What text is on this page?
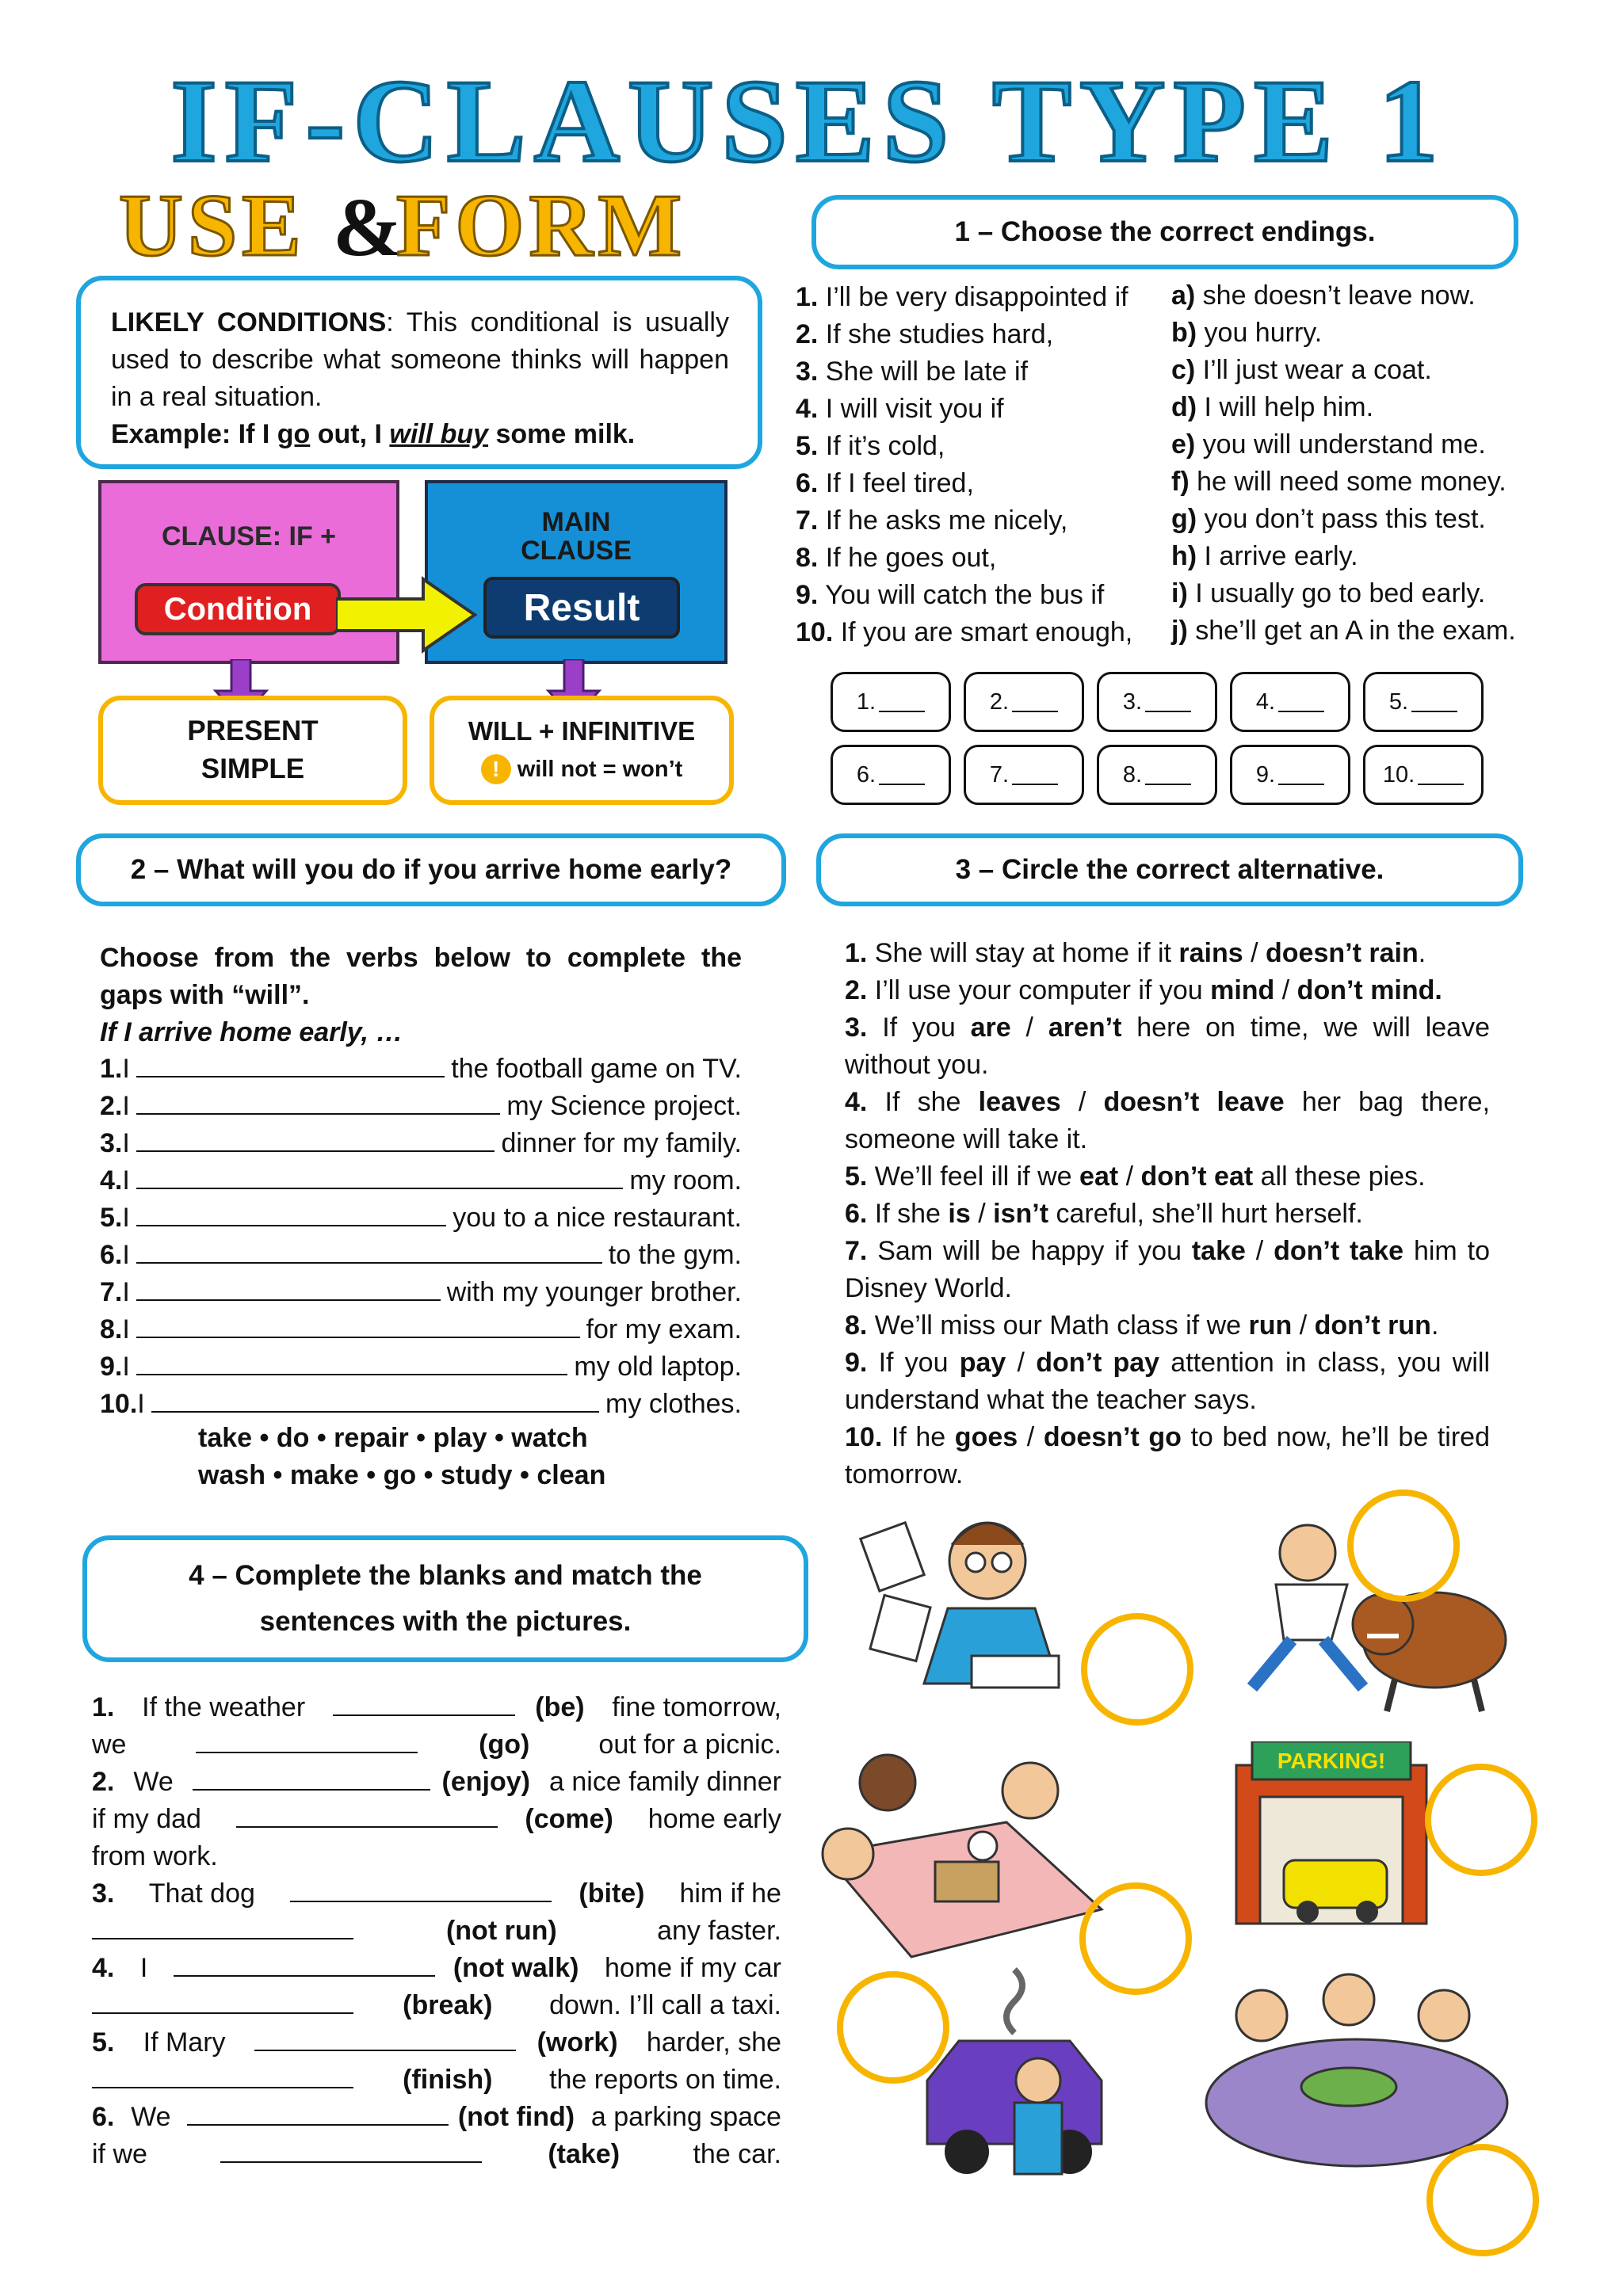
IF-CLAUSES TYPE 1
USE &
FORM
LIKELY CONDITIONS: This conditional is usually used to describe what someone thinks will happen in a real situation.
Example: If I go out, I will buy some milk.
CLAUSE: IF +
Condition
MAIN
CLAUSE
Result
PRESENT
SIMPLE
WILL + INFINITIVE
! will not = won’t
1 – Choose the correct endings.
1. I’ll be very disappointed if
2. If she studies hard,
3. She will be late if
4. I will visit you if
5. If it’s cold,
6. If I feel tired,
7. If he asks me nicely,
8. If he goes out,
9. You will catch the bus if
10. If you are smart enough,
a) she doesn’t leave now.
b) you hurry.
c) I’ll just wear a coat.
d) I will help him.
e) you will understand me.
f) he will need some money.
g) you don’t pass this test.
h) I arrive early.
i) I usually go to bed early.
j) she’ll get an A in the exam.
1.	2.	3.	4.	5.
6.	7.	8.	9.	10.
2 – What will you do if you arrive home early?
Choose from the verbs below to complete the gaps with “will”.
If I arrive home early, …
1. I	the football game on TV.
2. I	my Science project.
3. I	dinner for my family.
4. I	my room.
5. I	you to a nice restaurant.
6. I	to the gym.
7. I	with my younger brother.
8. I	for my exam.
9. I	my old laptop.
10. I	my clothes.
take • do • repair • play • watch
wash • make • go • study • clean
3 – Circle the correct alternative.
1. She will stay at home if it rains / doesn’t rain.
2. I’ll use your computer if you mind / don’t mind.
3. If you are / aren’t here on time, we will leave without you.
4. If she leaves / doesn’t leave her bag there, someone will take it.
5. We’ll feel ill if we eat / don’t eat all these pies.
6. If she is / isn’t careful, she’ll hurt herself.
7. Sam will be happy if you take / don’t take him to Disney World.
8. We’ll miss our Math class if we run / don’t run.
9. If you pay / don’t pay attention in class, you will understand what the teacher says.
10. If he goes / doesn’t go to bed now, he’ll be tired tomorrow.
4 – Complete the blanks and match the
sentences with the pictures.
1. If the weather	(be) fine tomorrow,
we	(go) out for a picnic.
2. We	(enjoy) a nice family dinner
if my dad	(come) home early
from work.
3. That dog	(bite) him if he
(not run)	any faster.
4. I	(not walk) home if my car
(break) down. I’ll call a taxi.
5. If Mary	(work) harder, she
(finish) the reports on time.
6. We	(not find) a parking space
if we	(take) the car.
PARKING!
